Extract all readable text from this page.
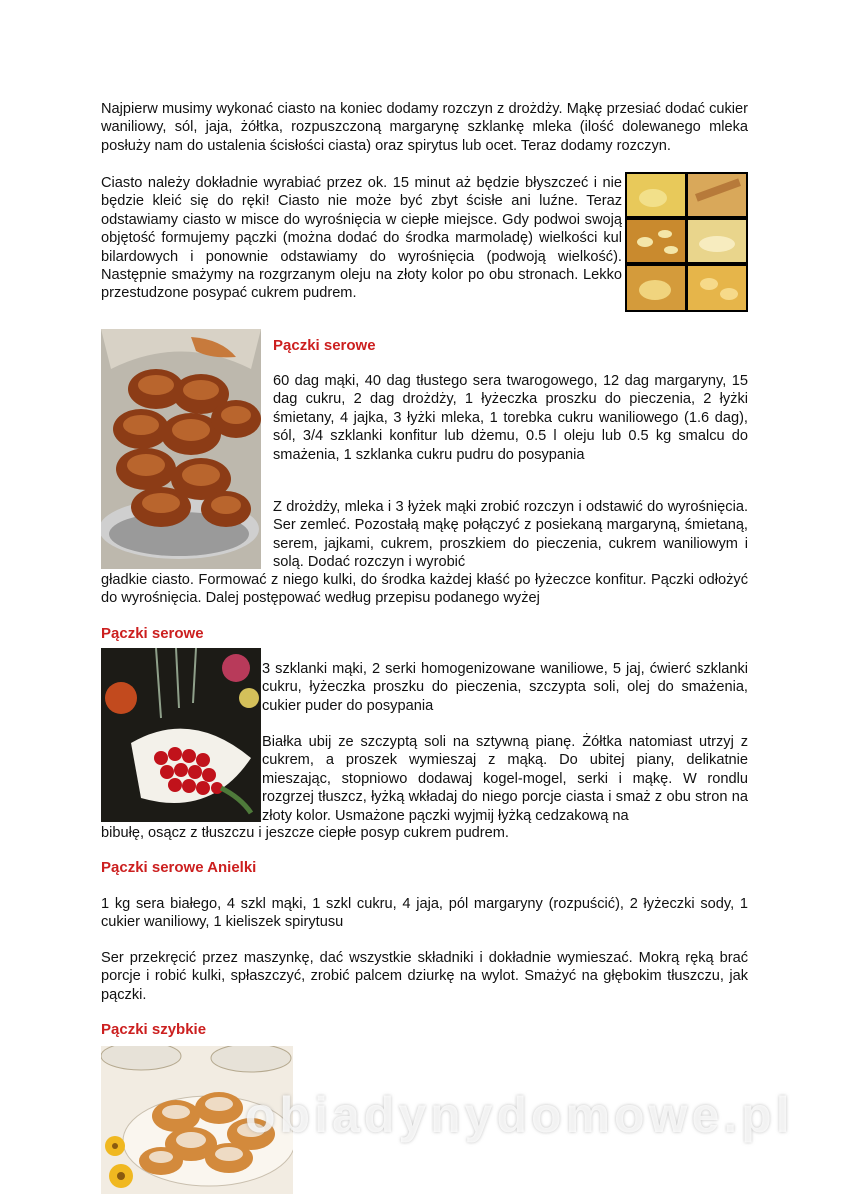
Najpierw musimy wykonać ciasto na koniec dodamy rozczyn z drożdży. Mąkę przesiać dodać cukier waniliowy, sól, jaja, żółtka, rozpuszczoną margarynę szklankę mleka (ilość dolewanego mleka posłuży nam do ustalenia ścisłości ciasta) oraz spirytus lub ocet. Teraz dodamy rozczyn.

Ciasto należy dokładnie wyrabiać przez ok. 15 minut aż będzie błyszczeć i nie będzie kleić się do ręki! Ciasto nie może być zbyt ścisłe ani luźne. Teraz odstawiamy ciasto w misce do wyrośnięcia w ciepłe miejsce. Gdy podwoi swoją objętość formujemy pączki (można dodać do środka marmoladę) wielkości kul bilardowych i ponownie odstawiamy do wyrośnięcia (podwoją wielkość). Następnie smażymy na rozgrzanym oleju na złoty kolor po obu stronach. Lekko przestudzone posypać cukrem pudrem.

Pączki serowe

60 dag mąki, 40 dag tłustego sera twarogowego, 12 dag margaryny, 15 dag cukru, 2 dag drożdży, 1 łyżeczka proszku do pieczenia, 2 łyżki śmietany, 4 jajka, 3 łyżki mleka, 1 torebka cukru waniliowego (1.6 dag), sól, 3/4 szklanki konfitur lub dżemu, 0.5 l oleju lub 0.5 kg smalcu do smażenia, 1 szklanka cukru pudru do posypania

Z drożdży, mleka i 3 łyżek mąki zrobić rozczyn i odstawić do wyrośnięcia. Ser zemleć. Pozostałą mąkę połączyć z posiekaną margaryną, śmietaną, serem, jajkami, cukrem, proszkiem do pieczenia, cukrem waniliowym i solą. Dodać rozczyn i wyrobić

gładkie ciasto. Formować z niego kulki, do środka każdej kłaść po łyżeczce konfitur. Pączki odłożyć do wyrośnięcia. Dalej postępować według przepisu podanego wyżej

Pączki serowe

3 szklanki mąki, 2 serki homogenizowane waniliowe, 5 jaj, ćwierć szklanki cukru, łyżeczka proszku do pieczenia, szczypta soli, olej do smażenia, cukier puder do posypania

Białka ubij ze szczyptą soli na sztywną pianę. Żółtka natomiast utrzyj z cukrem, a proszek wymieszaj z mąką. Do ubitej piany, delikatnie mieszając, stopniowo dodawaj kogel-mogel, serki i mąkę. W rondlu rozgrzej tłuszcz, łyżką wkładaj do niego porcje ciasta i smaż z obu stron na złoty kolor. Usmażone pączki wyjmij łyżką cedzakową na

bibułę, osącz z tłuszczu i jeszcze ciepłe posyp cukrem pudrem.

Pączki serowe Anielki

1 kg sera białego, 4 szkl mąki, 1 szkl cukru, 4 jaja, pól margaryny (rozpuścić), 2 łyżeczki sody, 1 cukier waniliowy, 1 kieliszek spirytusu

Ser przekręcić przez maszynkę, dać wszystkie składniki i dokładnie wymieszać. Mokrą ręką brać porcje i robić kulki, spłaszczyć, zrobić palcem dziurkę na wylot. Smażyć na głębokim tłuszczu, jak pączki.

Pączki szybkie

obiadynydomowe.pl
